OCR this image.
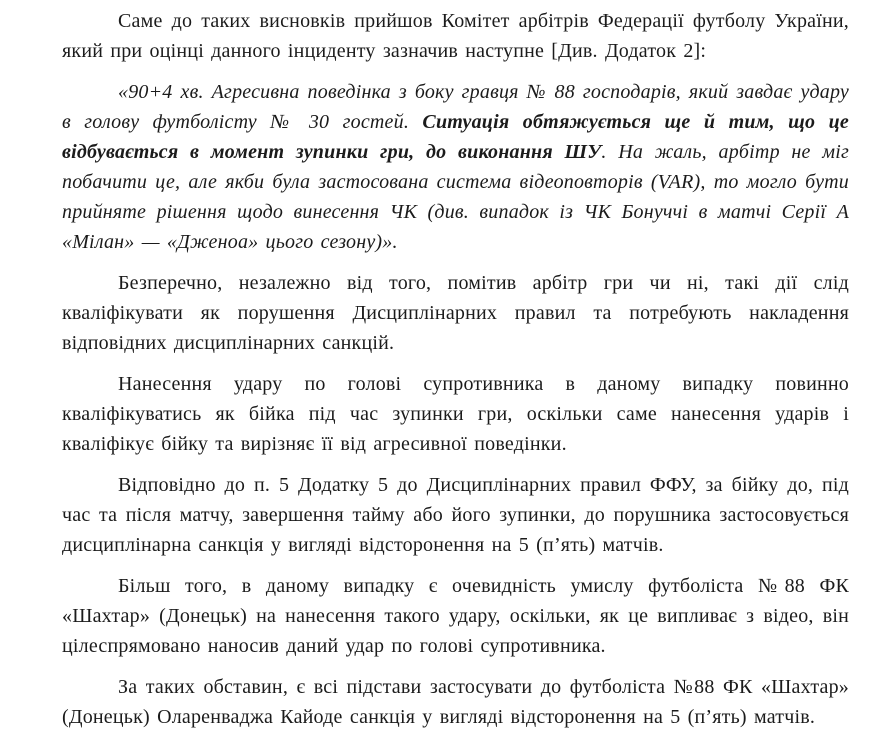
Саме до таких висновків прийшов Комітет арбітрів Федерації футболу України, який при оцінці данного інциденту зазначив наступне [Див. Додаток 2]:

«90+4 хв. Агресивна поведінка з боку гравця № 88 господарів, який завдає удару в голову футболісту № 30 гостей. Ситуація обтяжується ще й тим, що це відбувається в момент зупинки гри, до виконання ШУ. На жаль, арбітр не міг побачити це, але якби була застосована система відеоповторів (VAR), то могло бути прийняте рішення щодо винесення ЧК (див. випадок із ЧК Бонуччі в матчі Серії А «Мілан» — «Дженоа» цього сезону)».

Безперечно, незалежно від того, помітив арбітр гри чи ні, такі дії слід кваліфікувати як порушення Дисциплінарних правил та потребують накладення відповідних дисциплінарних санкцій.

Нанесення удару по голові супротивника в даному випадку повинно кваліфікуватись як бійка під час зупинки гри, оскільки саме нанесення ударів і кваліфікує бійку та вирізняє її від агресивної поведінки.

Відповідно до п. 5 Додатку 5 до Дисциплінарних правил ФФУ, за бійку до, під час та після матчу, завершення тайму або його зупинки, до порушника застосовується дисциплінарна санкція у вигляді відсторонення на 5 (п’ять) матчів.

Більш того, в даному випадку є очевидність умислу футболіста №88 ФК «Шахтар» (Донецьк) на нанесення такого удару, оскільки, як це випливає з відео, він цілеспрямовано наносив даний удар по голові супротивника.

За таких обставин, є всі підстави застосувати до футболіста №88 ФК «Шахтар» (Донецьк) Оларенваджа Кайоде санкція у вигляді відсторонення на 5 (п’ять) матчів.
